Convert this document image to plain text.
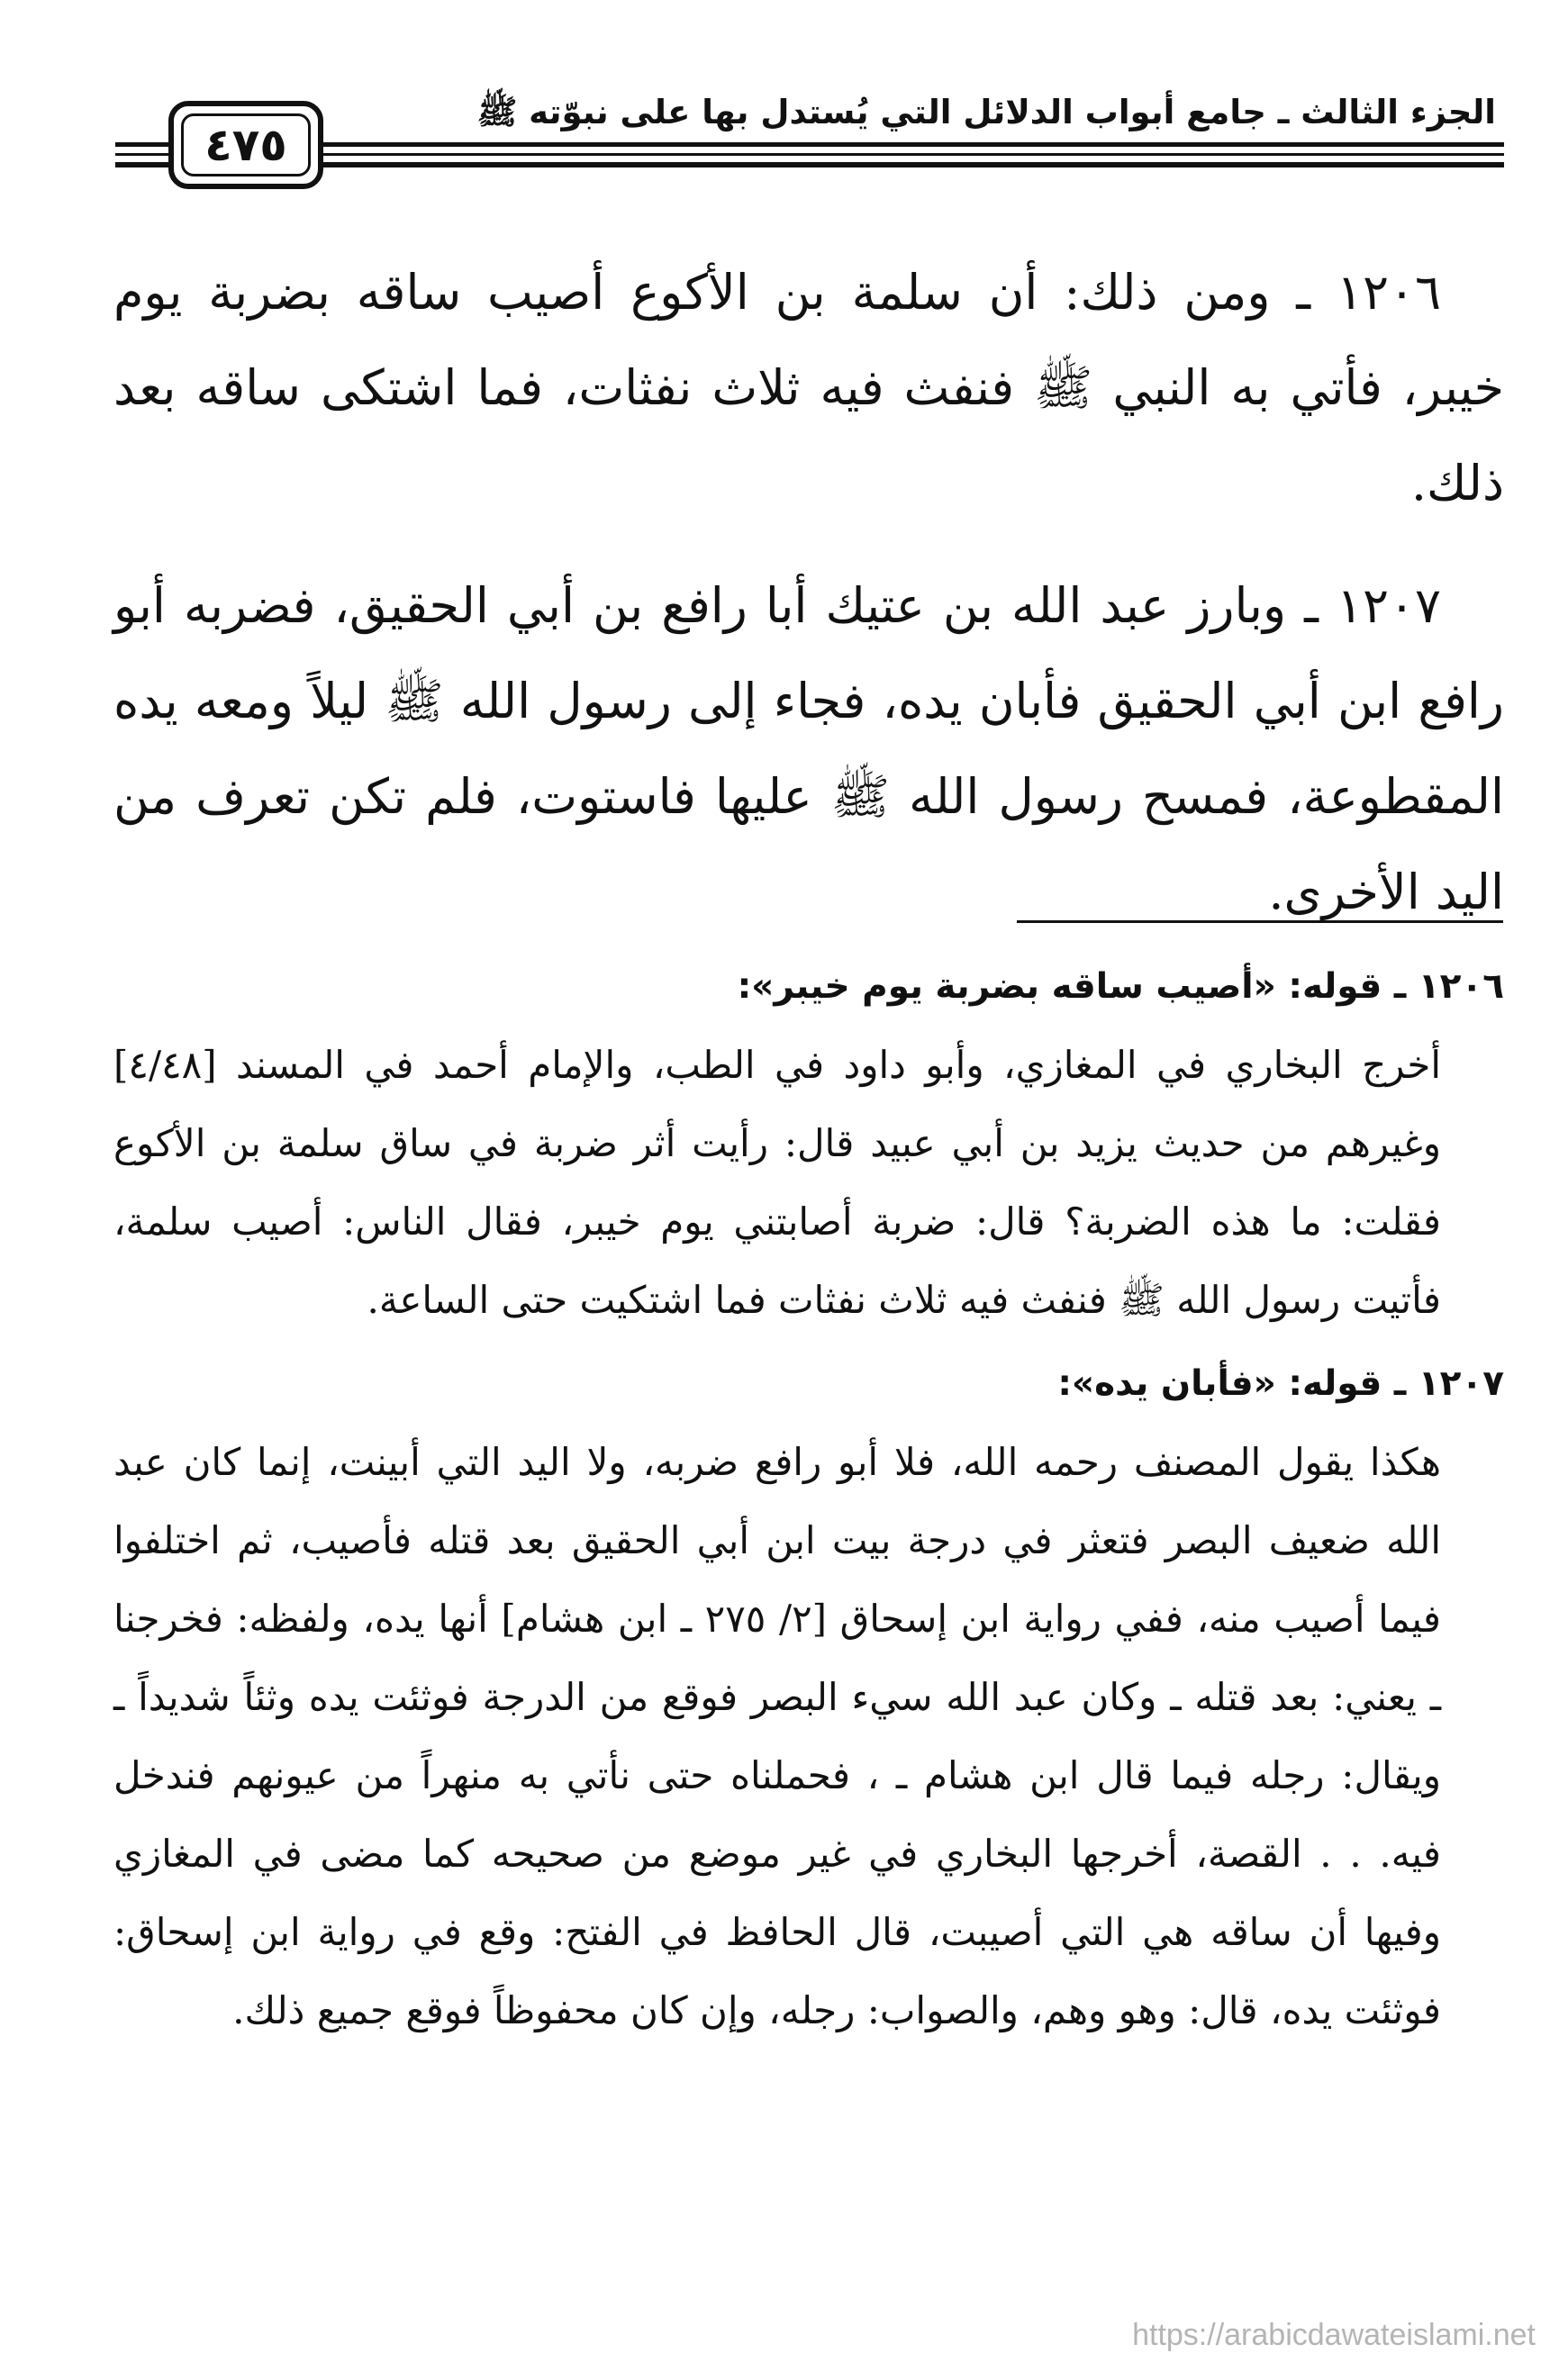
الجزء الثالث ـ جامع أبواب الدلائل التي يُستدل بها على نبوّته ﷺ
٤٧٥

١٢٠٦ ـ ومن ذلك: أن سلمة بن الأكوع أصيب ساقه بضربة يوم خيبر، فأتي به النبي ﷺ فنفث فيه ثلاث نفثات، فما اشتكى ساقه بعد ذلك.

١٢٠٧ ـ وبارز عبد الله بن عتيك أبا رافع بن أبي الحقيق، فضربه أبو رافع ابن أبي الحقيق فأبان يده، فجاء إلى رسول الله ﷺ ليلاً ومعه يده المقطوعة، فمسح رسول الله ﷺ عليها فاستوت، فلم تكن تعرف من اليد الأخرى.

١٢٠٦ ـ قوله: «أصيب ساقه بضربة يوم خيبر»:

أخرج البخاري في المغازي، وأبو داود في الطب، والإمام أحمد في المسند [٤/٤٨] وغيرهم من حديث يزيد بن أبي عبيد قال: رأيت أثر ضربة في ساق سلمة بن الأكوع فقلت: ما هذه الضربة؟ قال: ضربة أصابتني يوم خيبر، فقال الناس: أصيب سلمة، فأتيت رسول الله ﷺ فنفث فيه ثلاث نفثات فما اشتكيت حتى الساعة.

١٢٠٧ ـ قوله: «فأبان يده»:

هكذا يقول المصنف رحمه الله، فلا أبو رافع ضربه، ولا اليد التي أبينت، إنما كان عبد الله ضعيف البصر فتعثر في درجة بيت ابن أبي الحقيق بعد قتله فأصيب، ثم اختلفوا فيما أصيب منه، ففي رواية ابن إسحاق [٢/ ٢٧٥ ـ ابن هشام] أنها يده، ولفظه: فخرجنا ـ يعني: بعد قتله ـ وكان عبد الله سيء البصر فوقع من الدرجة فوثئت يده وثئاً شديداً ـ ويقال: رجله فيما قال ابن هشام ـ ، فحملناه حتى نأتي به منهراً من عيونهم فندخل فيه. . . القصة، أخرجها البخاري في غير موضع من صحيحه كما مضى في المغازي وفيها أن ساقه هي التي أصيبت، قال الحافظ في الفتح: وقع في رواية ابن إسحاق: فوثئت يده، قال: وهو وهم، والصواب: رجله، وإن كان محفوظاً فوقع جميع ذلك.

https://arabicdawateislami.net
